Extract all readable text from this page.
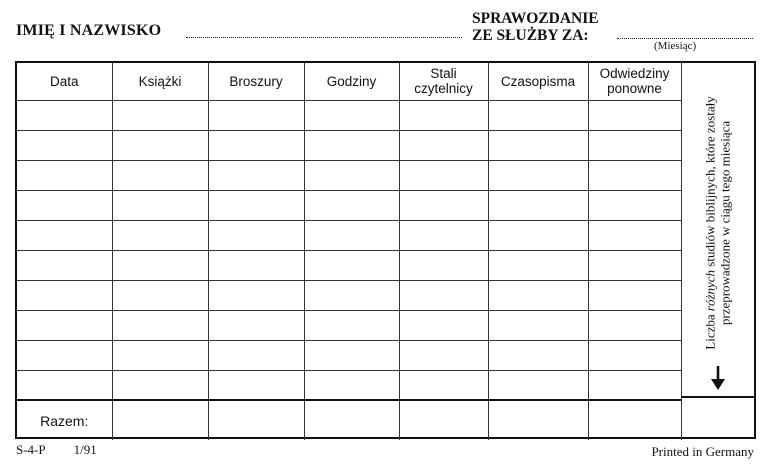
IMIĘ I NAZWISKO
SPRAWOZDANIE
ZE SŁUŻBY ZA:
(Miesiąc)
Data	Książki	Broszury	Godziny	Stali czytelnicy	Czasopisma	Odwiedziny ponowne

Razem:						
Liczba różnych studiów biblijnych, które zostały przeprowadzone w ciągu tego miesiąca
S-4-P 1/91	Printed in Germany
